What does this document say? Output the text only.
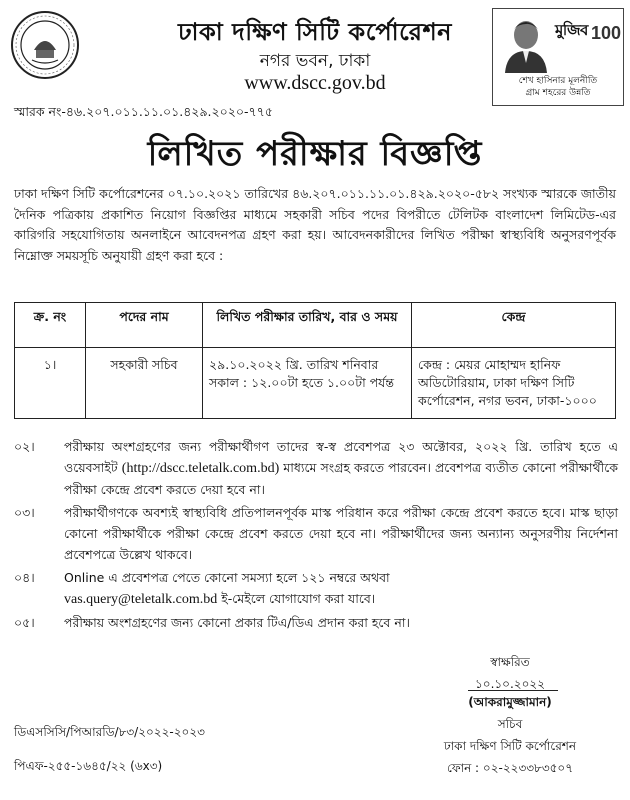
ঢাকা দক্ষিণ সিটি কর্পোরেশন
নগর ভবন, ঢাকা
www.dscc.gov.bd
মুজিব 100
শেখ হাসিনার মূলনীতি
গ্রাম শহরের উন্নতি
স্মারক নং-৪৬.২০৭.০১১.১১.০১.৪২৯.২০২০-৭৭৫
লিখিত পরীক্ষার বিজ্ঞপ্তি
ঢাকা দক্ষিণ সিটি কর্পোরেশনের ০৭.১০.২০২১ তারিখের ৪৬.২০৭.০১১.১১.০১.৪২৯.২০২০-৫৮২ সংখ্যক স্মারকে জাতীয় দৈনিক পত্রিকায় প্রকাশিত নিয়োগ বিজ্ঞপ্তির মাধ্যমে সহকারী সচিব পদের বিপরীতে টেলিটক বাংলাদেশ লিমিটেড-এর কারিগরি সহযোগিতায় অনলাইনে আবেদনপত্র গ্রহণ করা হয়। আবেদনকারীদের লিখিত পরীক্ষা স্বাস্থ্যবিধি অনুসরণপূর্বক নিম্নোক্ত সময়সূচি অনুযায়ী গ্রহণ করা হবে :
ক্র. নং	পদের নাম	লিখিত পরীক্ষার তারিখ, বার ও সময়	কেন্দ্র
১।	সহকারী সচিব	২৯.১০.২০২২ খ্রি. তারিখ শনিবার সকাল : ১২.০০টা হতে ১.০০টা পর্যন্ত	কেন্দ্র : মেয়র মোহাম্মদ হানিফ অডিটোরিয়াম, ঢাকা দক্ষিণ সিটি কর্পোরেশন, নগর ভবন, ঢাকা-১০০০
০২। পরীক্ষায় অংশগ্রহণের জন্য পরীক্ষার্থীগণ তাদের স্ব-স্ব প্রবেশপত্র ২৩ অক্টোবর, ২০২২ খ্রি. তারিখ হতে এ ওয়েবসাইট (http://dscc.teletalk.com.bd) মাধ্যমে সংগ্রহ করতে পারবেন। প্রবেশপত্র ব্যতীত কোনো পরীক্ষার্থীকে পরীক্ষা কেন্দ্রে প্রবেশ করতে দেয়া হবে না।
০৩। পরীক্ষার্থীগণকে অবশ্যই স্বাস্থ্যবিধি প্রতিপালনপূর্বক মাস্ক পরিধান করে পরীক্ষা কেন্দ্রে প্রবেশ করতে হবে। মাস্ক ছাড়া কোনো পরীক্ষার্থীকে পরীক্ষা কেন্দ্রে প্রবেশ করতে দেয়া হবে না। পরীক্ষার্থীদের জন্য অন্যান্য অনুসরণীয় নির্দেশনা প্রবেশপত্রে উল্লেখ থাকবে।
০৪। Online এ প্রবেশপত্র পেতে কোনো সমস্যা হলে ১২১ নম্বরে অথবা
vas.query@teletalk.com.bd ই-মেইলে যোগাযোগ করা যাবে।
০৫। পরীক্ষায় অংশগ্রহণের জন্য কোনো প্রকার টিএ/ডিএ প্রদান করা হবে না।
স্বাক্ষরিত
১০.১০.২০২২
(আকরামুজ্জামান)
সচিব
ঢাকা দক্ষিণ সিটি কর্পোরেশন
ফোন : ০২-২২৩৩৮৩৫০৭
ডিএসসিসি/পিআরডি/৮৩/২০২২-২০২৩
পিএফ-২৫৫-১৬৪৫/২২ (৬x৩)
